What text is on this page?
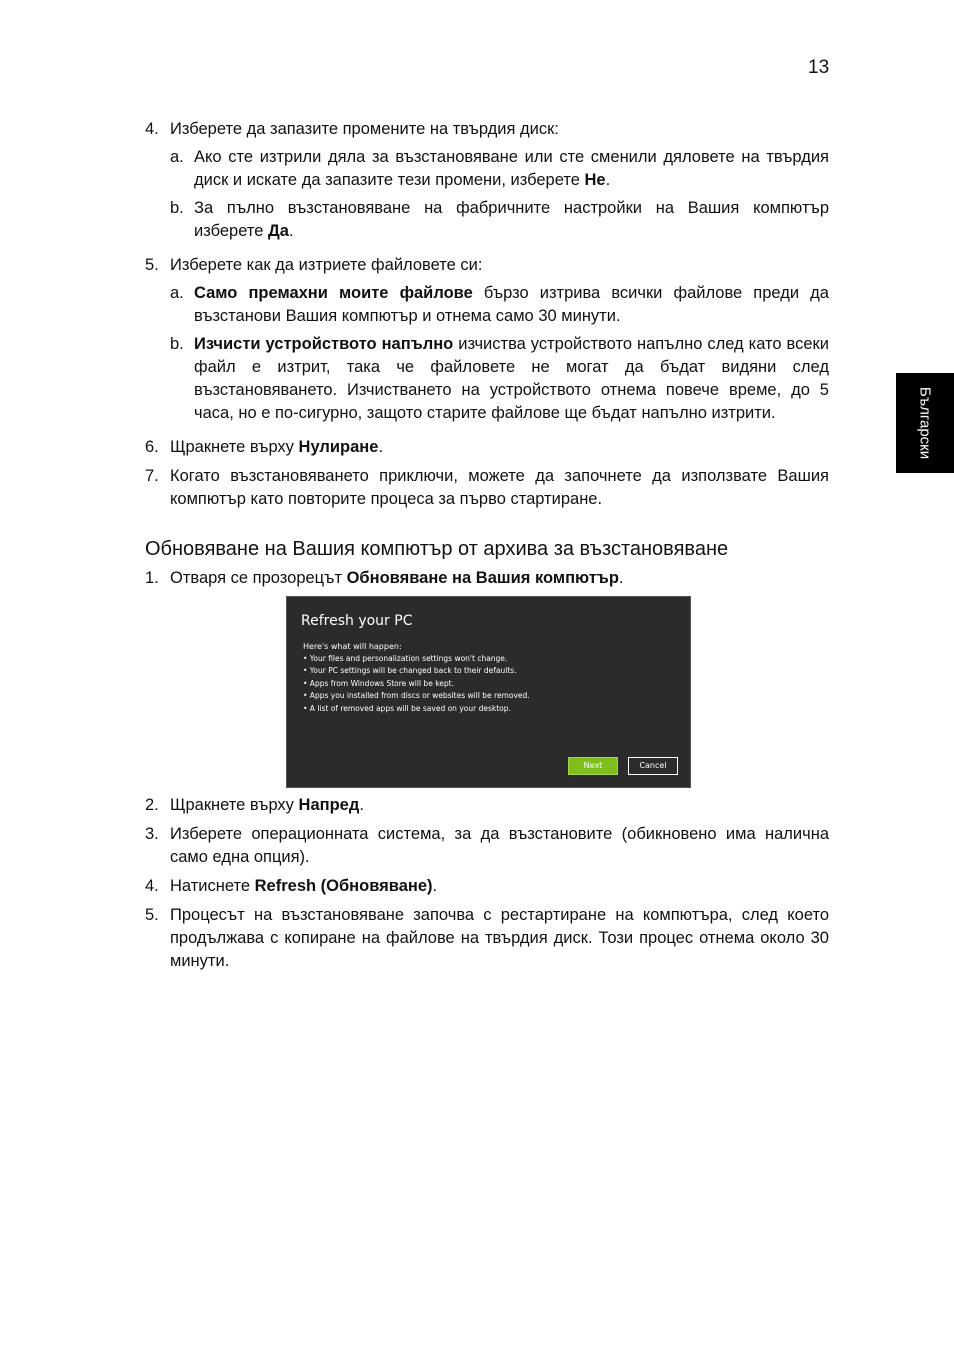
13
Български
4. Изберете да запазите промените на твърдия диск:
a. Ако сте изтрили дяла за възстановяване или сте сменили дяловете на твърдия диск и искате да запазите тези промени, изберете Не.
b. За пълно възстановяване на фабричните настройки на Вашия компютър изберете Да.
5. Изберете как да изтриете файловете си:
a. Само премахни моите файлове бързо изтрива всички файлове преди да възстанови Вашия компютър и отнема само 30 минути.
b. Изчисти устройството напълно изчиства устройството напълно след като всеки файл е изтрит, така че файловете не могат да бъдат видяни след възстановяването. Изчистването на устройството отнема повече време, до 5 часа, но е по-сигурно, защото старите файлове ще бъдат напълно изтрити.
6. Щракнете върху Нулиране.
7. Когато възстановяването приключи, можете да започнете да използвате Вашия компютър като повторите процеса за първо стартиране.
Обновяване на Вашия компютър от архива за възстановяване
1. Отваря се прозорецът Обновяване на Вашия компютър.
Refresh your PC
Here's what will happen:
• Your files and personalization settings won't change.
• Your PC settings will be changed back to their defaults.
• Apps from Windows Store will be kept.
• Apps you installed from discs or websites will be removed.
• A list of removed apps will be saved on your desktop.
Next	Cancel
2. Щракнете върху Напред.
3. Изберете операционната система, за да възстановите (обикновено има налична само една опция).
4. Натиснете Refresh (Обновяване).
5. Процесът на възстановяване започва с рестартиране на компютъра, след което продължава с копиране на файлове на твърдия диск. Този процес отнема около 30 минути.
